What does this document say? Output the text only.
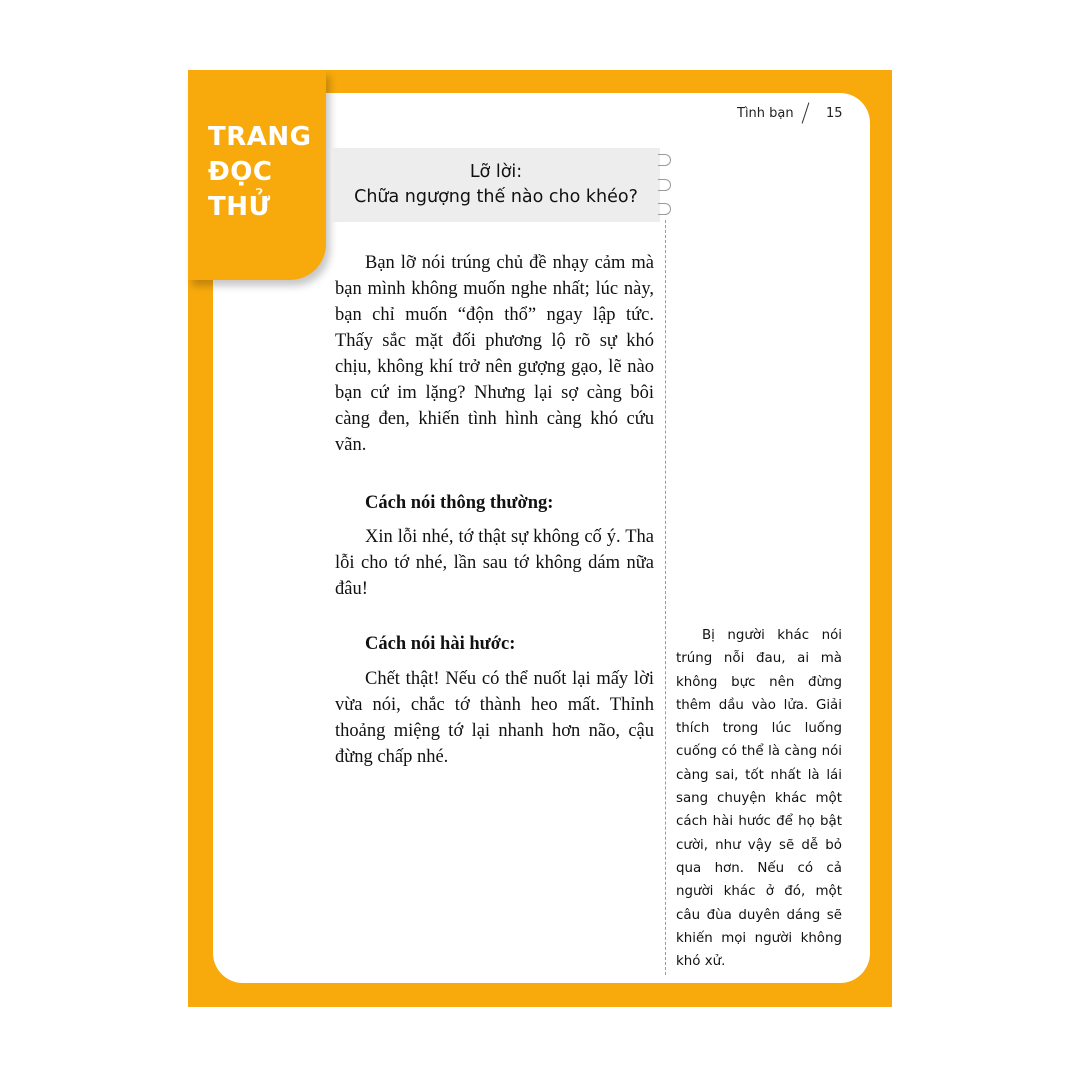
TRANG
ĐỌC
THỬ
Tình bạn 15
Lỡ lời:
Chữa ngượng thế nào cho khéo?

Bạn lỡ nói trúng chủ đề nhạy cảm mà bạn mình không muốn nghe nhất; lúc này, bạn chỉ muốn “độn thổ” ngay lập tức. Thấy sắc mặt đối phương lộ rõ sự khó chịu, không khí trở nên gượng gạo, lẽ nào bạn cứ im lặng? Nhưng lại sợ càng bôi càng đen, khiến tình hình càng khó cứu vãn.

Cách nói thông thường:

Xin lỗi nhé, tớ thật sự không cố ý. Tha lỗi cho tớ nhé, lần sau tớ không dám nữa đâu!

Cách nói hài hước:

Chết thật! Nếu có thể nuốt lại mấy lời vừa nói, chắc tớ thành heo mất. Thỉnh thoảng miệng tớ lại nhanh hơn não, cậu đừng chấp nhé.

Bị người khác nói trúng nỗi đau, ai mà không bực nên đừng thêm dầu vào lửa. Giải thích trong lúc luống cuống có thể là càng nói càng sai, tốt nhất là lái sang chuyện khác một cách hài hước để họ bật cười, như vậy sẽ dễ bỏ qua hơn. Nếu có cả người khác ở đó, một câu đùa duyên dáng sẽ khiến mọi người không khó xử.
